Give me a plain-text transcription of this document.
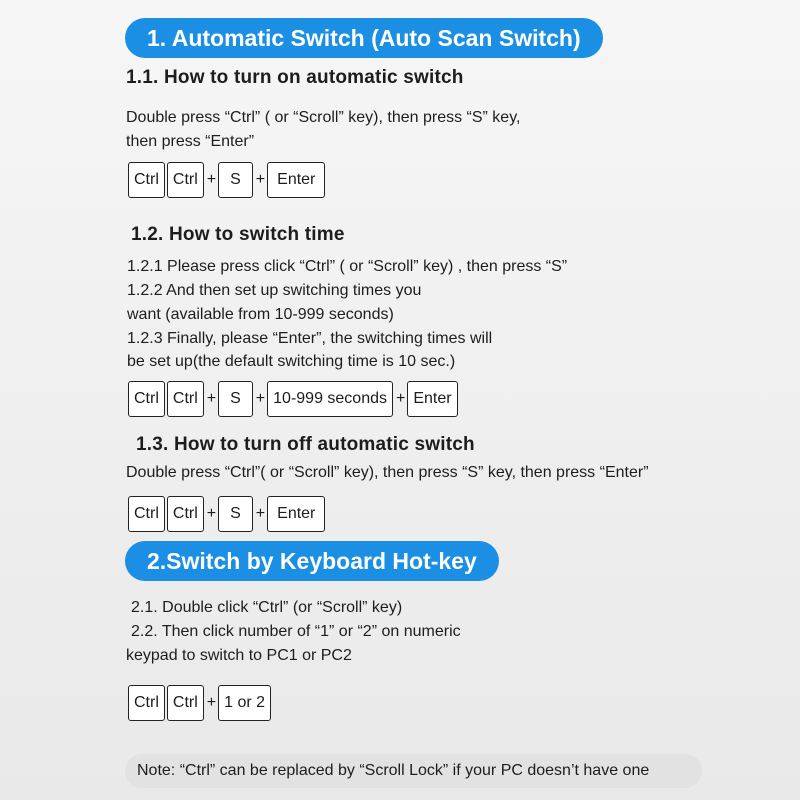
1. Automatic Switch (Auto Scan Switch)
1.1. How to turn on automatic switch
Double press “Ctrl” ( or “Scroll” key), then press “S” key,
then press “Enter”
Ctrl Ctrl + S + Enter
1.2. How to switch time
1.2.1 Please press click “Ctrl” ( or “Scroll” key) , then press “S”
1.2.2 And then set up switching times you
want (available from 10-999 seconds)
1.2.3 Finally, please “Enter”, the switching times will
be set up(the default switching time is 10 sec.)
Ctrl Ctrl + S + 10-999 seconds + Enter
1.3. How to turn off automatic switch
Double press “Ctrl”( or “Scroll” key), then press “S” key, then press “Enter”
Ctrl Ctrl + S + Enter
2.Switch by Keyboard Hot-key
2.1. Double click “Ctrl” (or “Scroll” key)
2.2. Then click number of “1” or “2” on numeric
keypad to switch to PC1 or PC2
Ctrl Ctrl + 1 or 2
Note: “Ctrl” can be replaced by “Scroll Lock” if your PC doesn’t have one
